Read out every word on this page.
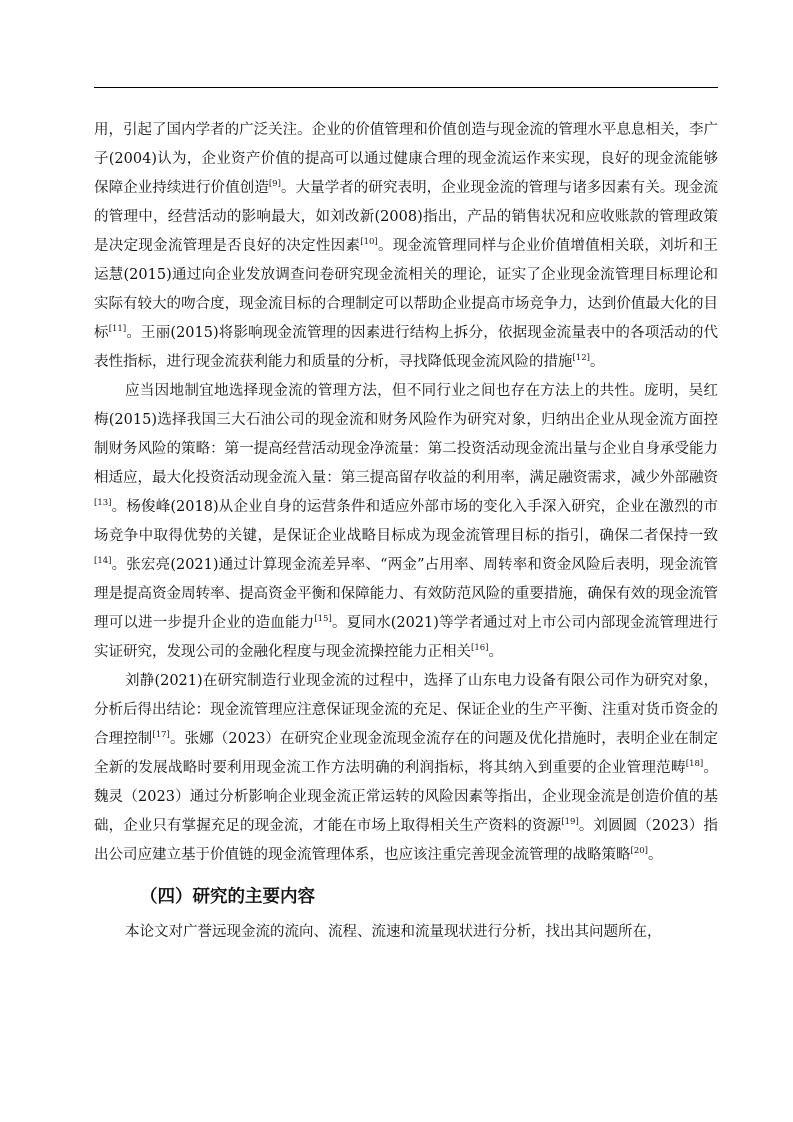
用，引起了国内学者的广泛关注。企业的价值管理和价值创造与现金流的管理水平息息相关，李广子(2004)认为，企业资产价值的提高可以通过健康合理的现金流运作来实现，良好的现金流能够保障企业持续进行价值创造[9]。大量学者的研究表明，企业现金流的管理与诸多因素有关。现金流的管理中，经营活动的影响最大，如刘改新(2008)指出，产品的销售状况和应收账款的管理政策是决定现金流管理是否良好的决定性因素[10]。现金流管理同样与企业价值增值相关联，刘圻和王运慧(2015)通过向企业发放调查问卷研究现金流相关的理论，证实了企业现金流管理目标理论和实际有较大的吻合度，现金流目标的合理制定可以帮助企业提高市场竞争力，达到价值最大化的目标[11]。王丽(2015)将影响现金流管理的因素进行结构上拆分，依据现金流量表中的各项活动的代表性指标，进行现金流获利能力和质量的分析，寻找降低现金流风险的措施[12]。

应当因地制宜地选择现金流的管理方法，但不同行业之间也存在方法上的共性。庞明，吴红梅(2015)选择我国三大石油公司的现金流和财务风险作为研究对象，归纳出企业从现金流方面控制财务风险的策略：第一提高经营活动现金净流量：第二投资活动现金流出量与企业自身承受能力相适应，最大化投资活动现金流入量：第三提高留存收益的利用率，满足融资需求，减少外部融资[13]。杨俊峰(2018)从企业自身的运营条件和适应外部市场的变化入手深入研究，企业在激烈的市场竞争中取得优势的关键，是保证企业战略目标成为现金流管理目标的指引，确保二者保持一致[14]。张宏亮(2021)通过计算现金流差异率、“两金”占用率、周转率和资金风险后表明，现金流管理是提高资金周转率、提高资金平衡和保障能力、有效防范风险的重要措施，确保有效的现金流管理可以进一步提升企业的造血能力[15]。夏同水(2021)等学者通过对上市公司内部现金流管理进行实证研究，发现公司的金融化程度与现金流操控能力正相关[16]。

刘静(2021)在研究制造行业现金流的过程中，选择了山东电力设备有限公司作为研究对象，分析后得出结论：现金流管理应注意保证现金流的充足、保证企业的生产平衡、注重对货币资金的合理控制[17]。张娜（2023）在研究企业现金流现金流存在的问题及优化措施时，表明企业在制定全新的发展战略时要利用现金流工作方法明确的利润指标，将其纳入到重要的企业管理范畴[18]。魏灵（2023）通过分析影响企业现金流正常运转的风险因素等指出，企业现金流是创造价值的基础，企业只有掌握充足的现金流，才能在市场上取得相关生产资料的资源[19]。刘圆圆（2023）指出公司应建立基于价值链的现金流管理体系，也应该注重完善现金流管理的战略策略[20]。

（四）研究的主要内容

本论文对广誉远现金流的流向、流程、流速和流量现状进行分析，找出其问题所在，
